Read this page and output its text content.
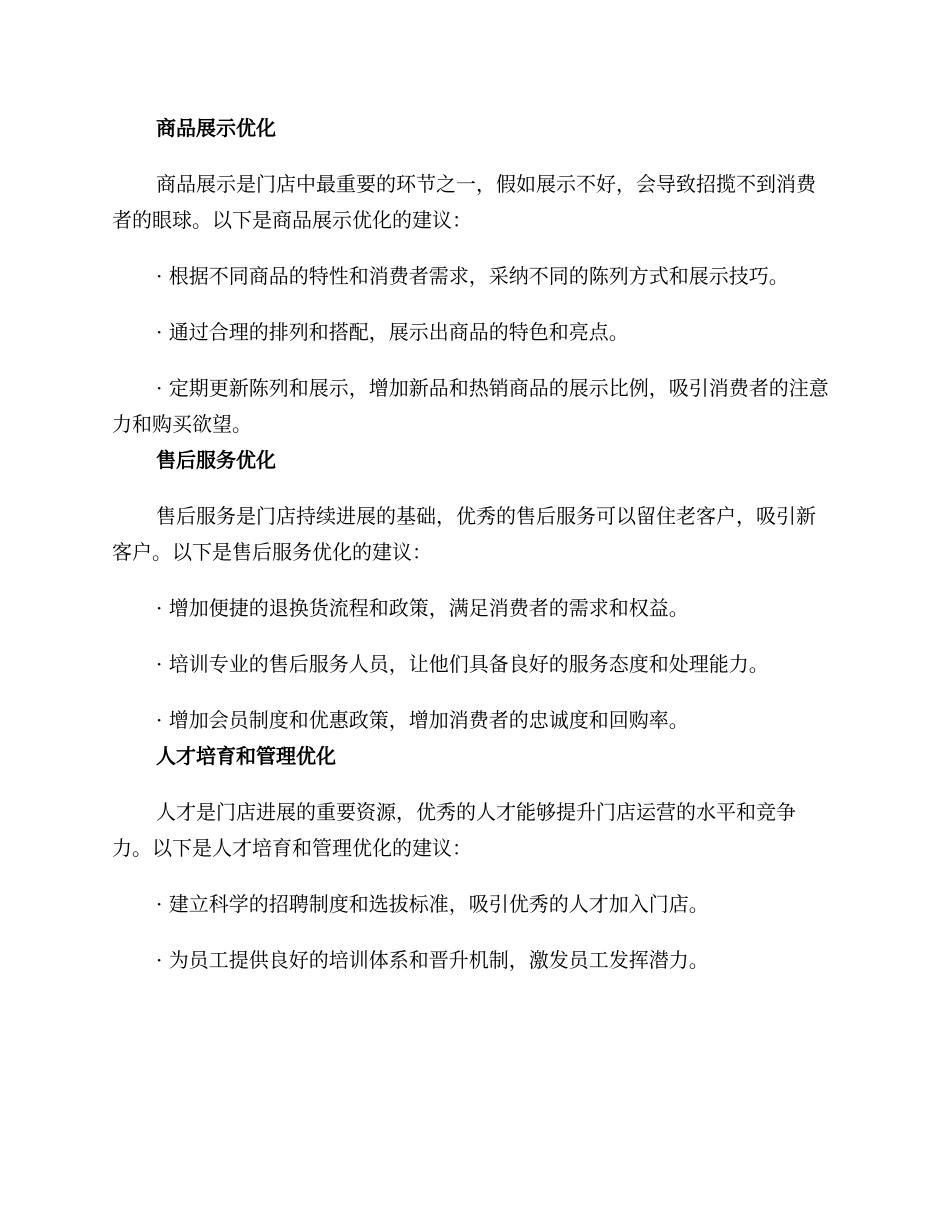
商品展示优化

商品展示是门店中最重要的环节之一，假如展示不好，会导致招揽不到消费者的眼球。以下是商品展示优化的建议：

· 根据不同商品的特性和消费者需求，采纳不同的陈列方式和展示技巧。

· 通过合理的排列和搭配，展示出商品的特色和亮点。

· 定期更新陈列和展示，增加新品和热销商品的展示比例，吸引消费者的注意力和购买欲望。

售后服务优化

售后服务是门店持续进展的基础，优秀的售后服务可以留住老客户，吸引新客户。以下是售后服务优化的建议：

· 增加便捷的退换货流程和政策，满足消费者的需求和权益。

· 培训专业的售后服务人员，让他们具备良好的服务态度和处理能力。

· 增加会员制度和优惠政策，增加消费者的忠诚度和回购率。

人才培育和管理优化

人才是门店进展的重要资源，优秀的人才能够提升门店运营的水平和竞争力。以下是人才培育和管理优化的建议：

· 建立科学的招聘制度和选拔标准，吸引优秀的人才加入门店。

· 为员工提供良好的培训体系和晋升机制，激发员工发挥潜力。
